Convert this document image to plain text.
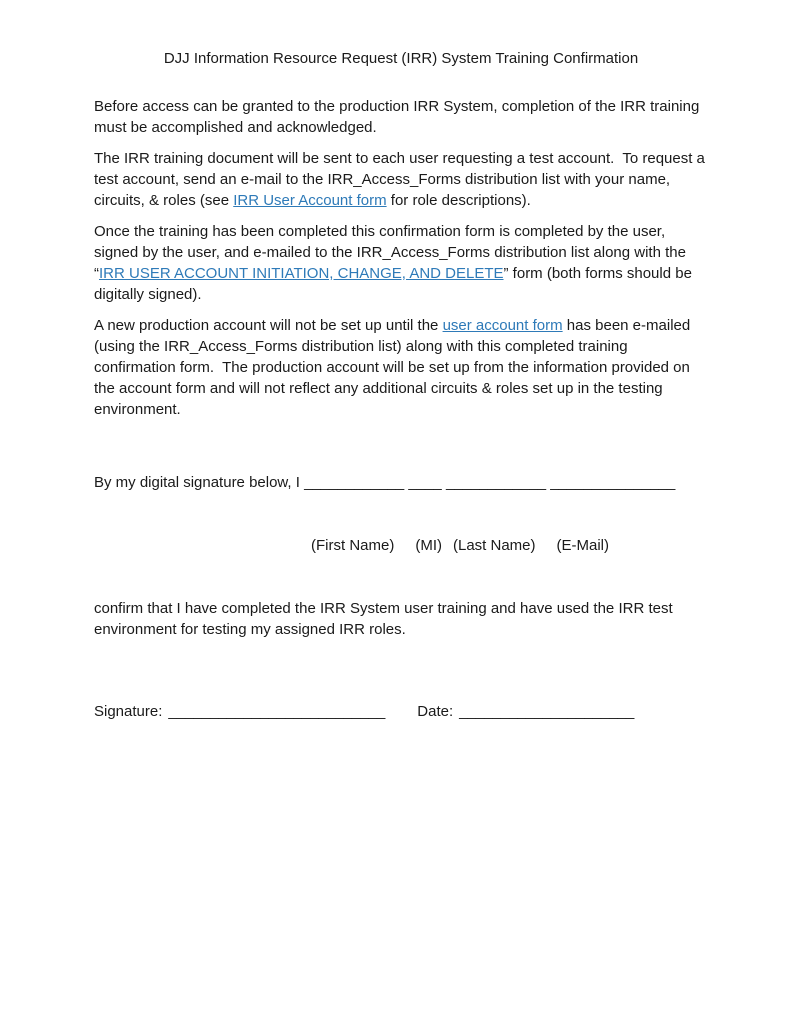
DJJ Information Resource Request (IRR) System Training Confirmation

Before access can be granted to the production IRR System, completion of the IRR training must be accomplished and acknowledged.

The IRR training document will be sent to each user requesting a test account.  To request a test account, send an e-mail to the IRR_Access_Forms distribution list with your name, circuits, & roles (see IRR User Account form for role descriptions).

Once the training has been completed this confirmation form is completed by the user, signed by the user, and e-mailed to the IRR_Access_Forms distribution list along with the “IRR USER ACCOUNT INITIATION, CHANGE, AND DELETE” form (both forms should be digitally signed).

A new production account will not be set up until the user account form has been e-mailed (using the IRR_Access_Forms distribution list) along with this completed training confirmation form.  The production account will be set up from the information provided on the account form and will not reflect any additional circuits & roles set up in the testing environment.

By my digital signature below, I ____________ ____ ____________ _______________

(First Name) (MI) (Last Name) (E-Mail)

confirm that I have completed the IRR System user training and have used the IRR test environment for testing my assigned IRR roles.

Signature: __________________________ Date: _____________________
